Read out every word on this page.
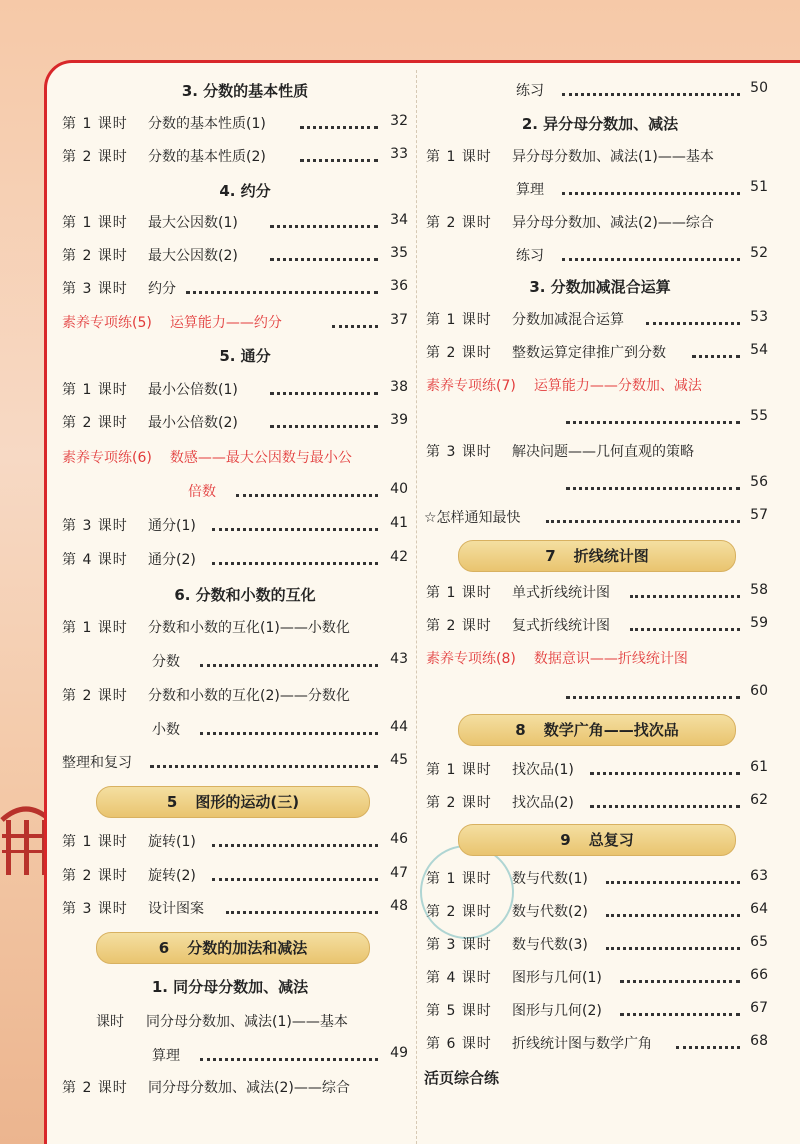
3. 分数的基本性质
第 1 课时 分数的基本性质(1)	32
第 2 课时 分数的基本性质(2)	33
4. 约分
第 1 课时 最大公因数(1)	34
第 2 课时 最大公因数(2)	35
第 3 课时 约分	36
素养专项练(5) 运算能力——约分	37
5. 通分
第 1 课时 最小公倍数(1)	38
第 2 课时 最小公倍数(2)	39
素养专项练(6) 数感——最大公因数与最小公
倍数	40
第 3 课时 通分(1)	41
第 4 课时 通分(2)	42
6. 分数和小数的互化
第 1 课时 分数和小数的互化(1)——小数化
分数	43
第 2 课时 分数和小数的互化(2)——分数化
小数	44
整理和复习	45
5 图形的运动(三)
第 1 课时 旋转(1)	46
第 2 课时 旋转(2)	47
第 3 课时 设计图案	48
6 分数的加法和减法
1. 同分母分数加、减法
课时 同分母分数加、减法(1)——基本
算理	49
第 2 课时 同分母分数加、减法(2)——综合
练习	50
2. 异分母分数加、减法
第 1 课时 异分母分数加、减法(1)——基本
算理	51
第 2 课时 异分母分数加、减法(2)——综合
练习	52
3. 分数加减混合运算
第 1 课时 分数加减混合运算	53
第 2 课时 整数运算定律推广到分数	54
素养专项练(7) 运算能力——分数加、减法
55
第 3 课时 解决问题——几何直观的策略
56
☆怎样通知最快	57
7 折线统计图
第 1 课时 单式折线统计图	58
第 2 课时 复式折线统计图	59
素养专项练(8) 数据意识——折线统计图
60
8 数学广角——找次品
第 1 课时 找次品(1)	61
第 2 课时 找次品(2)	62
9 总复习
第 1 课时 数与代数(1)	63
第 2 课时 数与代数(2)	64
第 3 课时 数与代数(3)	65
第 4 课时 图形与几何(1)	66
第 5 课时 图形与几何(2)	67
第 6 课时 折线统计图与数学广角	68
活页综合练
